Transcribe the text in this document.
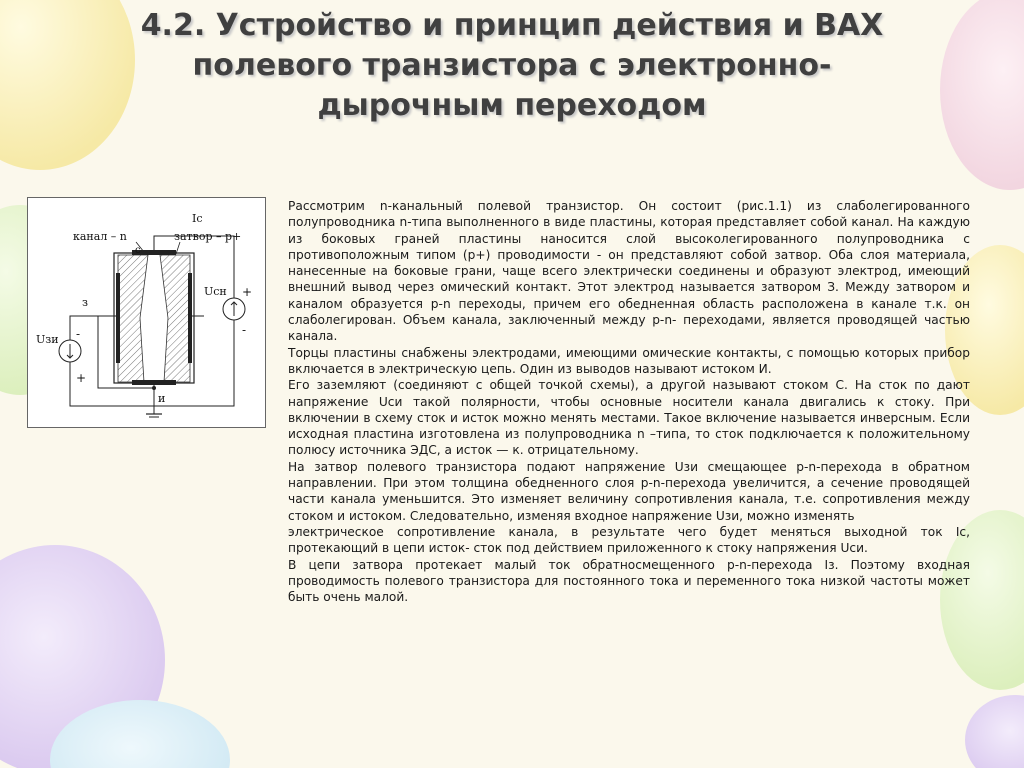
4.2. Устройство и принцип действия и ВАХ
полевого транзистора с электронно-
дырочным переходом
канал – n	затвор – p+
Iс
с
з
Uсн +
-
Uзи -
+
и

Рассмотрим n-канальный полевой транзистор. Он состоит (рис.1.1) из слаболегированного полупроводника n-типа выполненного в виде пластины, которая представляет собой канал. На каждую из боковых граней пластины наносится слой высоколегированного полупроводника с противоположным типом (р+) проводимости - он представляют собой затвор. Оба слоя материала, нанесенные на боковые грани, чаще всего электрически соединены и образуют электрод, имеющий внешний вывод через омический контакт. Этот электрод называется затвором З. Между затвором и каналом образуется p-n переходы, причем его обедненная область расположена в канале т.к. он слаболегирован. Объем канала, заключенный между p-n- переходами, является проводящей частью канала.

Торцы пластины снабжены электродами, имеющими омические контакты, с помощью которых прибор включается в электрическую цепь. Один из выводов называют истоком И.

Его заземляют (соединяют с общей точкой схемы), а другой называют стоком С. На сток по дают напряжение Uси такой полярности, чтобы основные носители канала двигались к стоку. При включении в схему сток и исток можно менять местами. Такое включение называется инверсным. Если исходная пластина изготовлена из полупроводника n –типа, то сток подключается к положительному полюсу источника ЭДС, а исток — к. отрицательному.

На затвор полевого транзистора подают напряжение Uзи смещающее p-n-перехода в обратном направлении. При этом толщина обедненного слоя p-n-перехода увеличится, а сечение проводящей части канала уменьшится. Это изменяет величину сопротивления канала, т.е. сопротивления между стоком и истоком. Следовательно, изменяя входное напряжение Uзи, можно изменять

электрическое сопротивление канала, в результате чего будет меняться выходной ток Iс, протекающий в цепи исток- сток под действием приложенного к стоку напряжения Uси.

В цепи затвора протекает малый ток обратносмещенного p-n-перехода Iз. Поэтому входная проводимость полевого транзистора для постоянного тока и переменного тока низкой частоты может быть очень малой.
